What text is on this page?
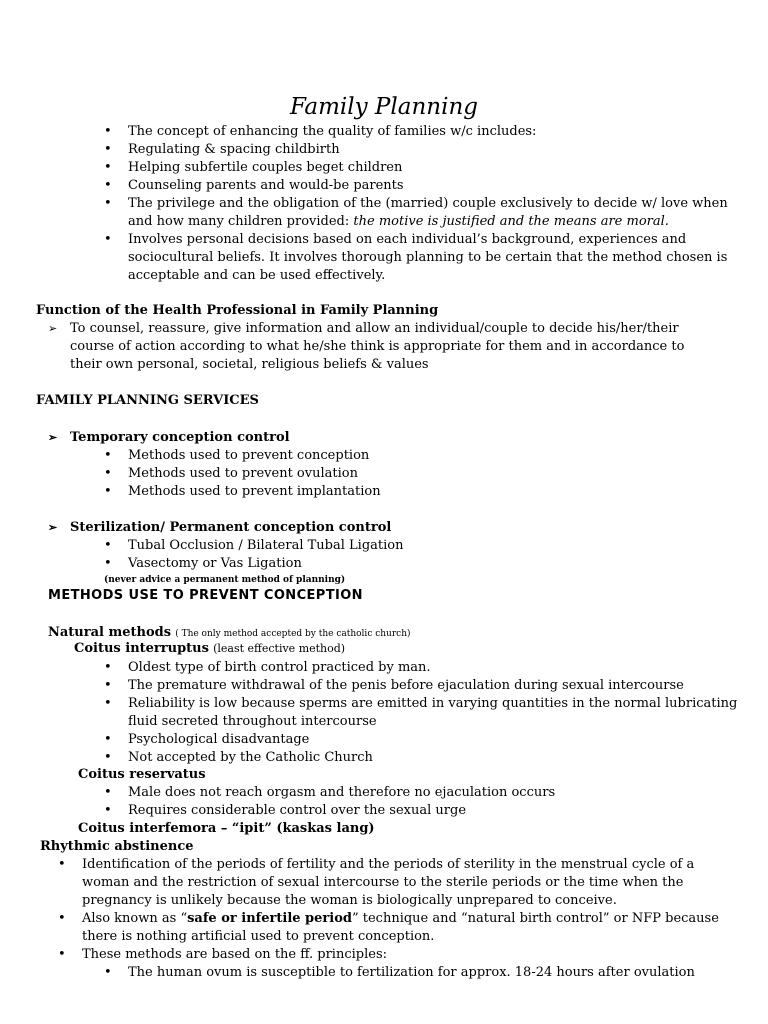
Family Planning
• The concept of enhancing the quality of families w/c includes:
• Regulating & spacing childbirth
• Helping subfertile couples beget children
• Counseling parents and would-be parents
• The privilege and the obligation of the (married) couple exclusively to decide w/ love when and how many children provided: the motive is justified and the means are moral.
• Involves personal decisions based on each individual’s background, experiences and sociocultural beliefs. It involves thorough planning to be certain that the method chosen is acceptable and can be used effectively.
Function of the Health Professional in Family Planning
➢ To counsel, reassure, give information and allow an individual/couple to decide his/her/their course of action according to what he/she think is appropriate for them and in accordance to their own personal, societal, religious beliefs & values
FAMILY PLANNING SERVICES
➢ Temporary conception control
• Methods used to prevent conception
• Methods used to prevent ovulation
• Methods used to prevent implantation
➢ Sterilization/ Permanent conception control
• Tubal Occlusion / Bilateral Tubal Ligation
• Vasectomy or Vas Ligation
(never advice a permanent method of planning)
METHODS USE TO PREVENT CONCEPTION
Natural methods ( The only method accepted by the catholic church)
Coitus interruptus (least effective method)
• Oldest type of birth control practiced by man.
• The premature withdrawal of the penis before ejaculation during sexual intercourse
• Reliability is low because sperms are emitted in varying quantities in the normal lubricating fluid secreted throughout intercourse
• Psychological disadvantage
• Not accepted by the Catholic Church
Coitus reservatus
• Male does not reach orgasm and therefore no ejaculation occurs
• Requires considerable control over the sexual urge
Coitus interfemora – “ipit” (kaskas lang)
Rhythmic abstinence
• Identification of the periods of fertility and the periods of sterility in the menstrual cycle of a woman and the restriction of sexual intercourse to the sterile periods or the time when the pregnancy is unlikely because the woman is biologically unprepared to conceive.
• Also known as “safe or infertile period” technique and “natural birth control” or NFP because there is nothing artificial used to prevent conception.
• These methods are based on the ff. principles:
• The human ovum is susceptible to fertilization for approx. 18-24 hours after ovulation
